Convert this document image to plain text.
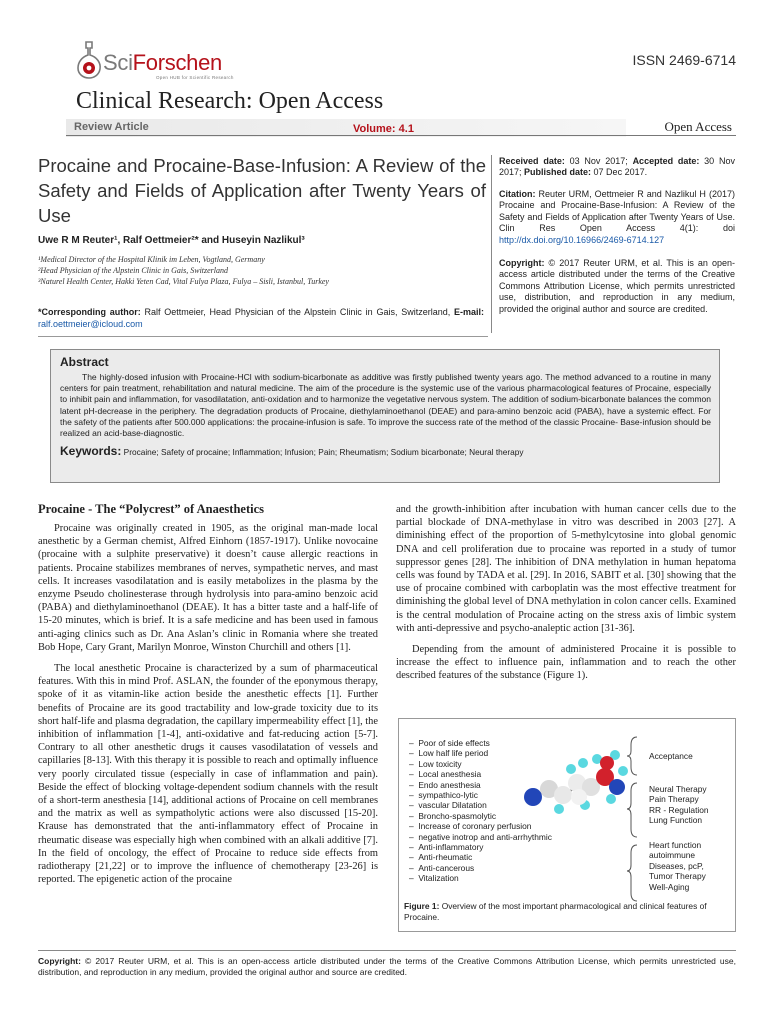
SciForschen
Open HUB for Scientific Research
ISSN 2469-6714
Clinical Research: Open Access
Review Article	Volume: 4.1	Open Access
Procaine and Procaine-Base-Infusion: A Review of the Safety and Fields of Application after Twenty Years of Use
Uwe R M Reuter¹, Ralf Oettmeier²* and Huseyin Nazlikul³
¹Medical Director of the Hospital Klinik im Leben, Vogtland, Germany
²Head Physician of the Alpstein Clinic in Gais, Switzerland
³Naturel Health Center, Hakki Yeten Cad, Vital Fulya Plaza, Fulya – Sisli, Istanbul, Turkey
*Corresponding author: Ralf Oettmeier, Head Physician of the Alpstein Clinic in Gais, Switzerland, E-mail: ralf.oettmeier@icloud.com
Received date: 03 Nov 2017; Accepted date: 30 Nov 2017; Published date: 07 Dec 2017.
Citation: Reuter URM, Oettmeier R and Nazlikul H (2017) Procaine and Procaine-Base-Infusion: A Review of the Safety and Fields of Application after Twenty Years of Use. Clin Res Open Access 4(1): doi http://dx.doi.org/10.16966/2469-6714.127
Copyright: © 2017 Reuter URM, et al. This is an open-access article distributed under the terms of the Creative Commons Attribution License, which permits unrestricted use, distribution, and reproduction in any medium, provided the original author and source are credited.
Abstract

The highly-dosed infusion with Procaine-HCl with sodium-bicarbonate as additive was firstly published twenty years ago. The method advanced to a routine in many centers for pain treatment, rehabilitation and natural medicine. The aim of the procedure is the systemic use of the various pharmacological features of Procaine, especially to inhibit pain and inflammation, for vasodilatation, anti-oxidation and to harmonize the vegetative nervous system. The addition of sodium-bicarbonate balances the common latent pH-decrease in the periphery. The degradation products of Procaine, diethylaminoethanol (DEAE) and para-amino benzoic acid (PABA), have a systemic effect. For the safety of the patients after 500.000 applications: the procaine-infusion is safe. To improve the success rate of the method of the classic Procaine- Base-infusion should be realized an acid-base-diagnostic.

Keywords: Procaine; Safety of procaine; Inflammation; Infusion; Pain; Rheumatism; Sodium bicarbonate; Neural therapy
Procaine - The “Polycrest” of Anaesthetics

Procaine was originally created in 1905, as the original man-made local anesthetic by a German chemist, Alfred Einhorn (1857-1917). Unlike novocaine (procaine with a sulphite preservative) it doesn’t cause allergic reactions in patients. Procaine stabilizes membranes of nerves, sympathetic nerves, and mast cells. It increases vasodilatation and is easily metabolizes in the plasma by the enzyme Pseudo cholinesterase through hydrolysis into para-amino benzoic acid (PABA) and diethylaminoethanol (DEAE). It has a bitter taste and a half-life of 15-20 minutes, which is brief. It is a safe medicine and has been used in famous anti-aging clinics such as Dr. Ana Aslan’s clinic in Romania where she treated Bob Hope, Cary Grant, Marilyn Monroe, Winston Churchill and others [1].

The local anesthetic Procaine is characterized by a sum of pharmaceutical features. With this in mind Prof. ASLAN, the founder of the eponymous therapy, spoke of it as vitamin-like action beside the anesthetic effects [1]. Further benefits of Procaine are its good tractability and low-grade toxicity due to its short half-life and plasma degradation, the capillary impermeability effect [1], the inhibition of inflammation [1-4], anti-oxidative and fat-reducing action [5-7]. Contrary to all other anesthetic drugs it causes vasodilatation of vessels and capillaries [8-13]. With this therapy it is possible to reach and optimally influence very poorly circulated tissue (especially in case of inflammation and pain). Beside the effect of blocking voltage-dependent sodium channels with the result of a short-term anesthesia [14], additional actions of Procaine on cell membranes and the matrix as well as sympatholytic actions were also discussed [15-20]. Krause has demonstrated that the anti-inflammatory effect of Procaine in rheumatic disease was especially high when combined with an alkali additive [7]. In the field of oncology, the effect of Procaine to reduce side effects from radiotherapy [21,22] or to improve the influence of chemotherapy [23-26] is reported. The epigenetic action of the procaine

and the growth-inhibition after incubation with human cancer cells due to the partial blockade of DNA-methylase in vitro was described in 2003 [27]. A diminishing effect of the proportion of 5-methylcytosine into global genomic DNA and cell proliferation due to procaine was reported in a study of tumor suppressor genes [28]. The inhibition of DNA methylation in human hepatoma cells was found by TADA et al. [29]. In 2016, SABIT et al. [30] showing that the use of procaine combined with carboplatin was the most effective treatment for diminishing the global level of DNA methylation in colon cancer cells. Examined is the central modulation of Procaine acting on the stress axis of limbic system with anti-depressive and psycho-analeptic action [31-36].

Depending from the amount of administered Procaine it is possible to increase the effect to influence pain, inflammation and to reach the other described features of the substance (Figure 1).

–  Poor of side effects
–  Low half life period
–  Low toxicity
–  Local anesthesia
–  Endo anesthesia
–  sympathico-lytic
–  vascular Dilatation
–  Broncho-spasmolytic
–  Increase of coronary perfusion
–  negative inotrop and anti-arrhythmic
–  Anti-inflammatory
–  Anti-rheumatic
–  Anti-cancerous
–  Vitalization
Acceptance
Neural Therapy
Pain Therapy
RR - Regulation
Lung Function
Heart function
autoimmune
Diseases, pcP,
Tumor Therapy
Well-Aging
Figure 1: Overview of the most important pharmacological and clinical features of Procaine.
Copyright: © 2017 Reuter URM, et al. This is an open-access article distributed under the terms of the Creative Commons Attribution License, which permits unrestricted use, distribution, and reproduction in any medium, provided the original author and source are credited.
